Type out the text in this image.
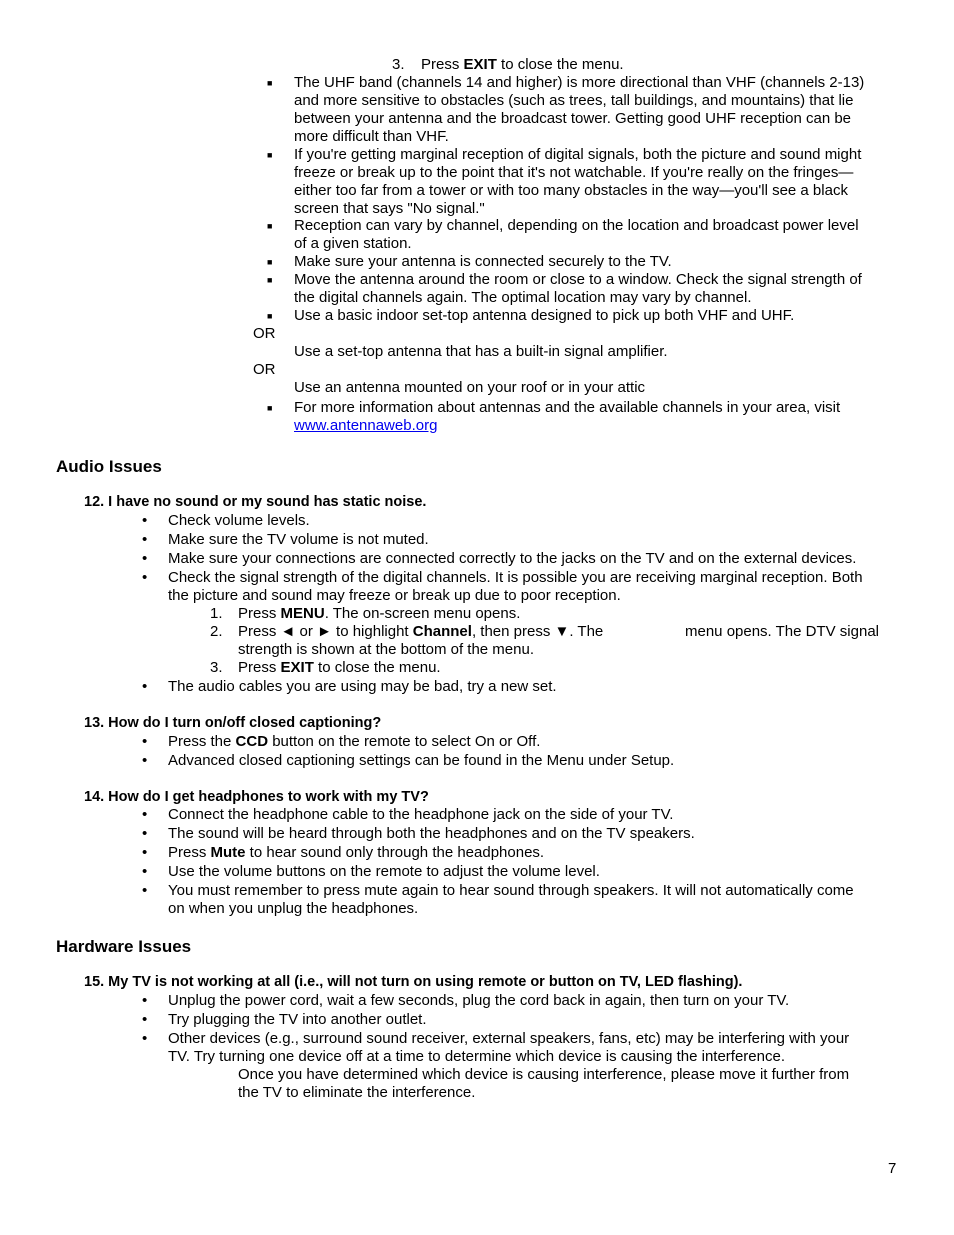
3. Press EXIT to close the menu.
■ The UHF band (channels 14 and higher) is more directional than VHF (channels 2-13)
and more sensitive to obstacles (such as trees, tall buildings, and mountains) that lie
between your antenna and the broadcast tower. Getting good UHF reception can be
more difficult than VHF.
■ If you're getting marginal reception of digital signals, both the picture and sound might
freeze or break up to the point that it's not watchable. If you're really on the fringes—
either too far from a tower or with too many obstacles in the way—you'll see a black
screen that says "No signal."
■ Reception can vary by channel, depending on the location and broadcast power level
of a given station.
■ Make sure your antenna is connected securely to the TV.
■ Move the antenna around the room or close to a window. Check the signal strength of
the digital channels again. The optimal location may vary by channel.
■ Use a basic indoor set-top antenna designed to pick up both VHF and UHF.
OR
Use a set-top antenna that has a built-in signal amplifier.
OR
Use an antenna mounted on your roof or in your attic
■ For more information about antennas and the available channels in your area, visit
www.antennaweb.org
Audio Issues
12. I have no sound or my sound has static noise.
• Check volume levels.
• Make sure the TV volume is not muted.
• Make sure your connections are connected correctly to the jacks on the TV and on the external devices.
• Check the signal strength of the digital channels. It is possible you are receiving marginal reception. Both
the picture and sound may freeze or break up due to poor reception.
1. Press MENU. The on-screen menu opens.
2. Press ◄ or ► to highlight Channel, then press ▼. The	menu opens. The DTV signal
strength is shown at the bottom of the menu.
3. Press EXIT to close the menu.
• The audio cables you are using may be bad, try a new set.
13. How do I turn on/off closed captioning?
• Press the CCD button on the remote to select On or Off.
• Advanced closed captioning settings can be found in the Menu under Setup.
14. How do I get headphones to work with my TV?
• Connect the headphone cable to the headphone jack on the side of your TV.
• The sound will be heard through both the headphones and on the TV speakers.
• Press Mute to hear sound only through the headphones.
• Use the volume buttons on the remote to adjust the volume level.
• You must remember to press mute again to hear sound through speakers. It will not automatically come
on when you unplug the headphones.
Hardware Issues
15. My TV is not working at all (i.e., will not turn on using remote or button on TV, LED flashing).
• Unplug the power cord, wait a few seconds, plug the cord back in again, then turn on your TV.
• Try plugging the TV into another outlet.
• Other devices (e.g., surround sound receiver, external speakers, fans, etc) may be interfering with your
TV. Try turning one device off at a time to determine which device is causing the interference.
Once you have determined which device is causing interference, please move it further from
the TV to eliminate the interference.
7
